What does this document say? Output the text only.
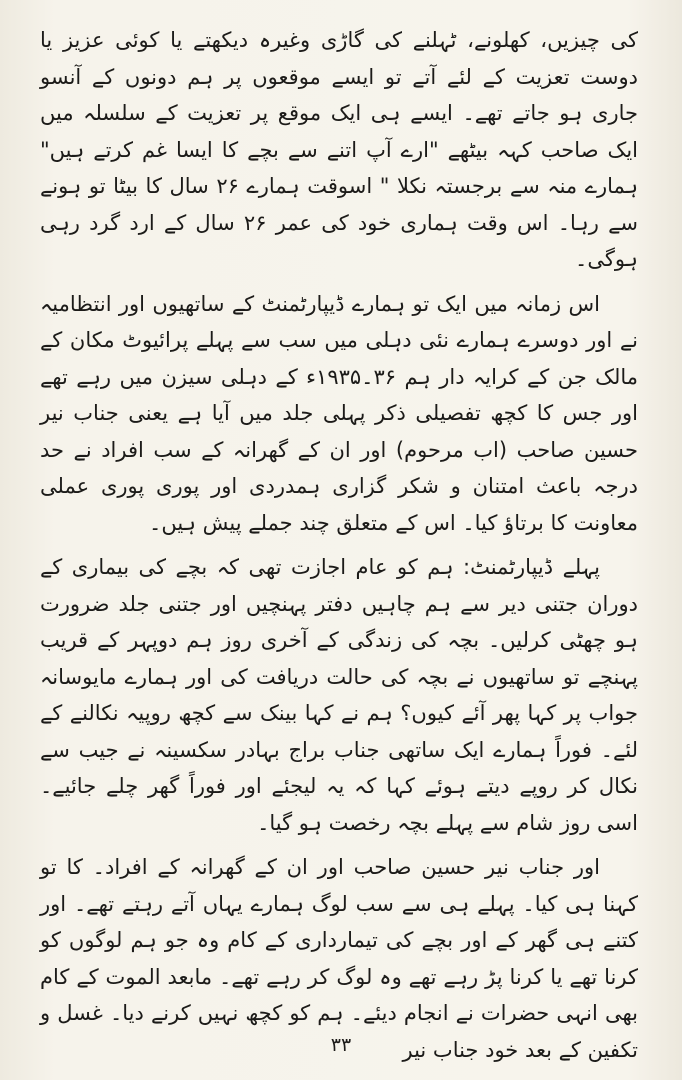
کی چیزیں، کھلونے، ٹہلنے کی گاڑی وغیرہ دیکھتے یا کوئی عزیز یا دوست تعزیت کے لئے آتے تو ایسے موقعوں پر ہم دونوں کے آنسو جاری ہو جاتے تھے۔ ایسے ہی ایک موقع پر تعزیت کے سلسلہ میں ایک صاحب کہہ بیٹھے "ارے آپ اتنے سے بچے کا ایسا غم کرتے ہیں" ہمارے منہ سے برجستہ نکلا " اسوقت ہمارے ۲۶ سال کا بیٹا تو ہونے سے رہا۔ اس وقت ہماری خود کی عمر ۲۶ سال کے ارد گرد رہی ہوگی۔

اس زمانہ میں ایک تو ہمارے ڈیپارٹمنٹ کے ساتھیوں اور انتظامیہ نے اور دوسرے ہمارے نئی دہلی میں سب سے پہلے پرائیوٹ مکان کے مالک جن کے کرایہ دار ہم ۳۶۔۱۹۳۵ء کے دہلی سیزن میں رہے تھے اور جس کا کچھ تفصیلی ذکر پہلی جلد میں آیا ہے یعنی جناب نیر حسین صاحب (اب مرحوم) اور ان کے گھرانہ کے سب افراد نے حد درجہ باعث امتنان و شکر گزاری ہمدردی اور پوری پوری عملی معاونت کا برتاؤ کیا۔ اس کے متعلق چند جملے پیش ہیں۔

پہلے ڈیپارٹمنٹ: ہم کو عام اجازت تھی کہ بچے کی بیماری کے دوران جتنی دیر سے ہم چاہیں دفتر پہنچیں اور جتنی جلد ضرورت ہو چھٹی کرلیں۔ بچہ کی زندگی کے آخری روز ہم دوپہر کے قریب پہنچے تو ساتھیوں نے بچہ کی حالت دریافت کی اور ہمارے مایوسانہ جواب پر کہا پھر آئے کیوں؟ ہم نے کہا بینک سے کچھ روپیہ نکالنے کے لئے۔ فوراً ہمارے ایک ساتھی جناب براج بہادر سکسینہ نے جیب سے نکال کر روپے دیتے ہوئے کہا کہ یہ لیجئے اور فوراً گھر چلے جائیے۔ اسی روز شام سے پہلے بچہ رخصت ہو گیا۔

اور جناب نیر حسین صاحب اور ان کے گھرانہ کے افراد۔ کا تو کہنا ہی کیا۔ پہلے ہی سے سب لوگ ہمارے یہاں آتے رہتے تھے۔ اور کتنے ہی گھر کے اور بچے کی تیمارداری کے کام وہ جو ہم لوگوں کو کرنا تھے یا کرنا پڑ رہے تھے وہ لوگ کر رہے تھے۔ مابعد الموت کے کام بھی انہی حضرات نے انجام دیئے۔ ہم کو کچھ نہیں کرنے دیا۔ غسل و تکفین کے بعد خود جناب نیر

۳۳
